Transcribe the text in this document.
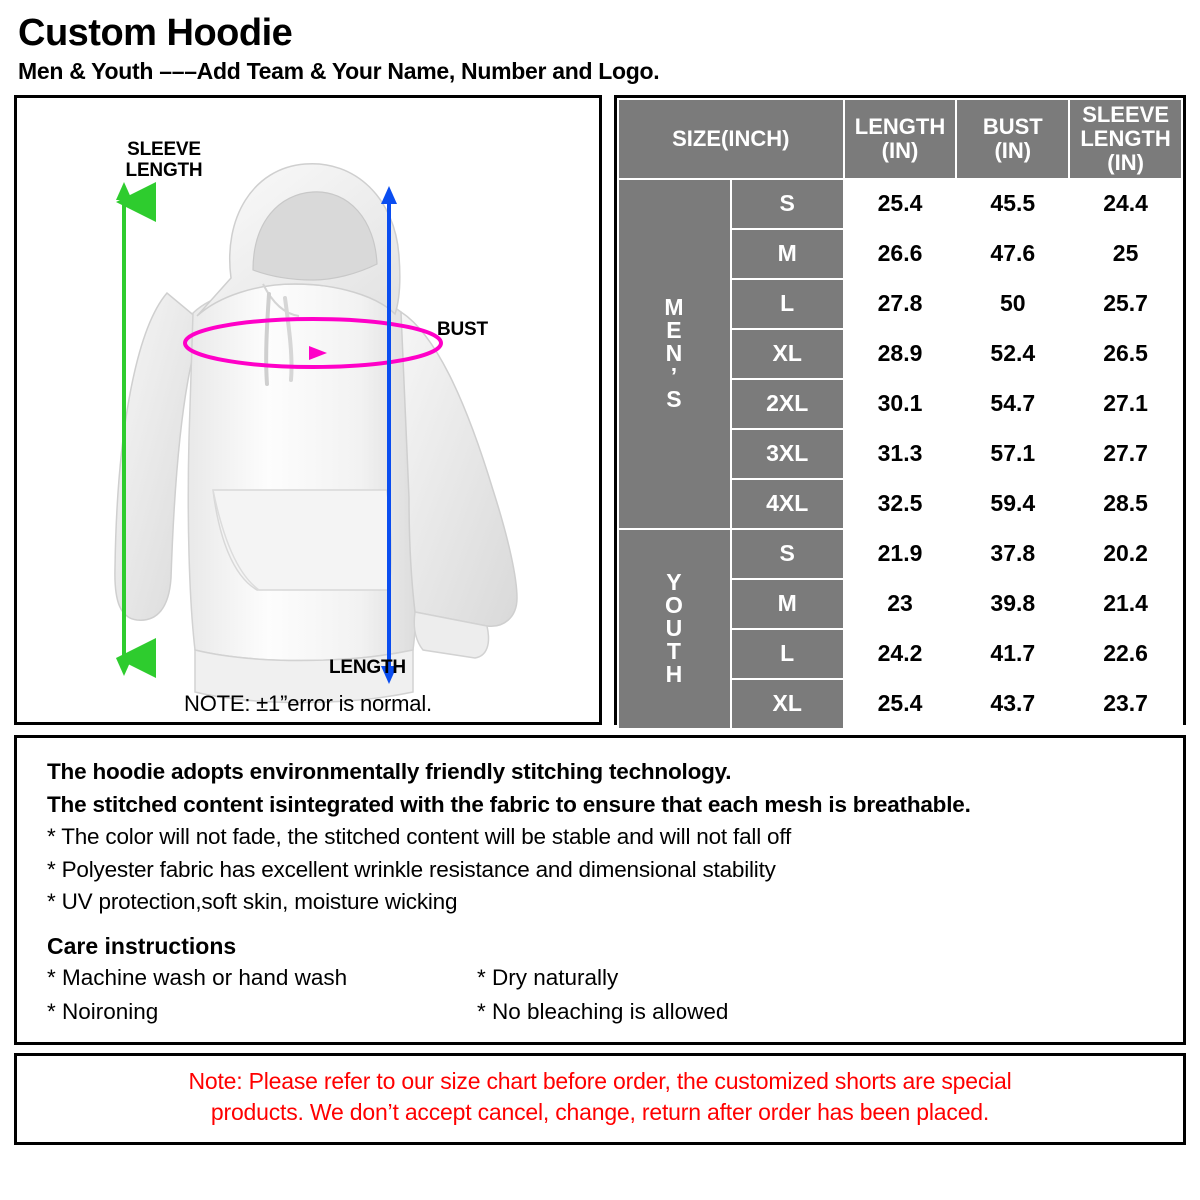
Custom Hoodie
Men & Youth –––Add Team & Your Name, Number and Logo.
SLEEVE
LENGTH
BUST
LENGTH
NOTE: ±1”error is normal.
SIZE(INCH)	LENGTH
(IN)

BUST
(IN)

SLEEVE LENGTH
(IN)

M
E
N
’
S	S	25.4	45.5	24.4
	M	26.6	47.6	25
	L	27.8	50	25.7
	XL	28.9	52.4	26.5
	2XL	30.1	54.7	27.1
	3XL	31.3	57.1	27.7
	4XL	32.5	59.4	28.5

Y
O
U
T
H	S	21.9	37.8	20.2
	M	23	39.8	21.4
	L	24.2	41.7	22.6
	XL	25.4	43.7	23.7
The hoodie adopts environmentally friendly stitching technology.
The stitched content isintegrated with the fabric to ensure that each mesh is breathable.
* The color will not fade, the stitched content will be stable and will not fall off
* Polyester fabric has excellent wrinkle resistance and dimensional stability
* UV protection,soft skin, moisture wicking
Care instructions
* Machine wash or hand wash	* Dry naturally
* Noironing	* No bleaching is allowed
Note: Please refer to our size chart before order, the customized shorts are special
products. We don’t accept cancel, change, return after order has been placed.
